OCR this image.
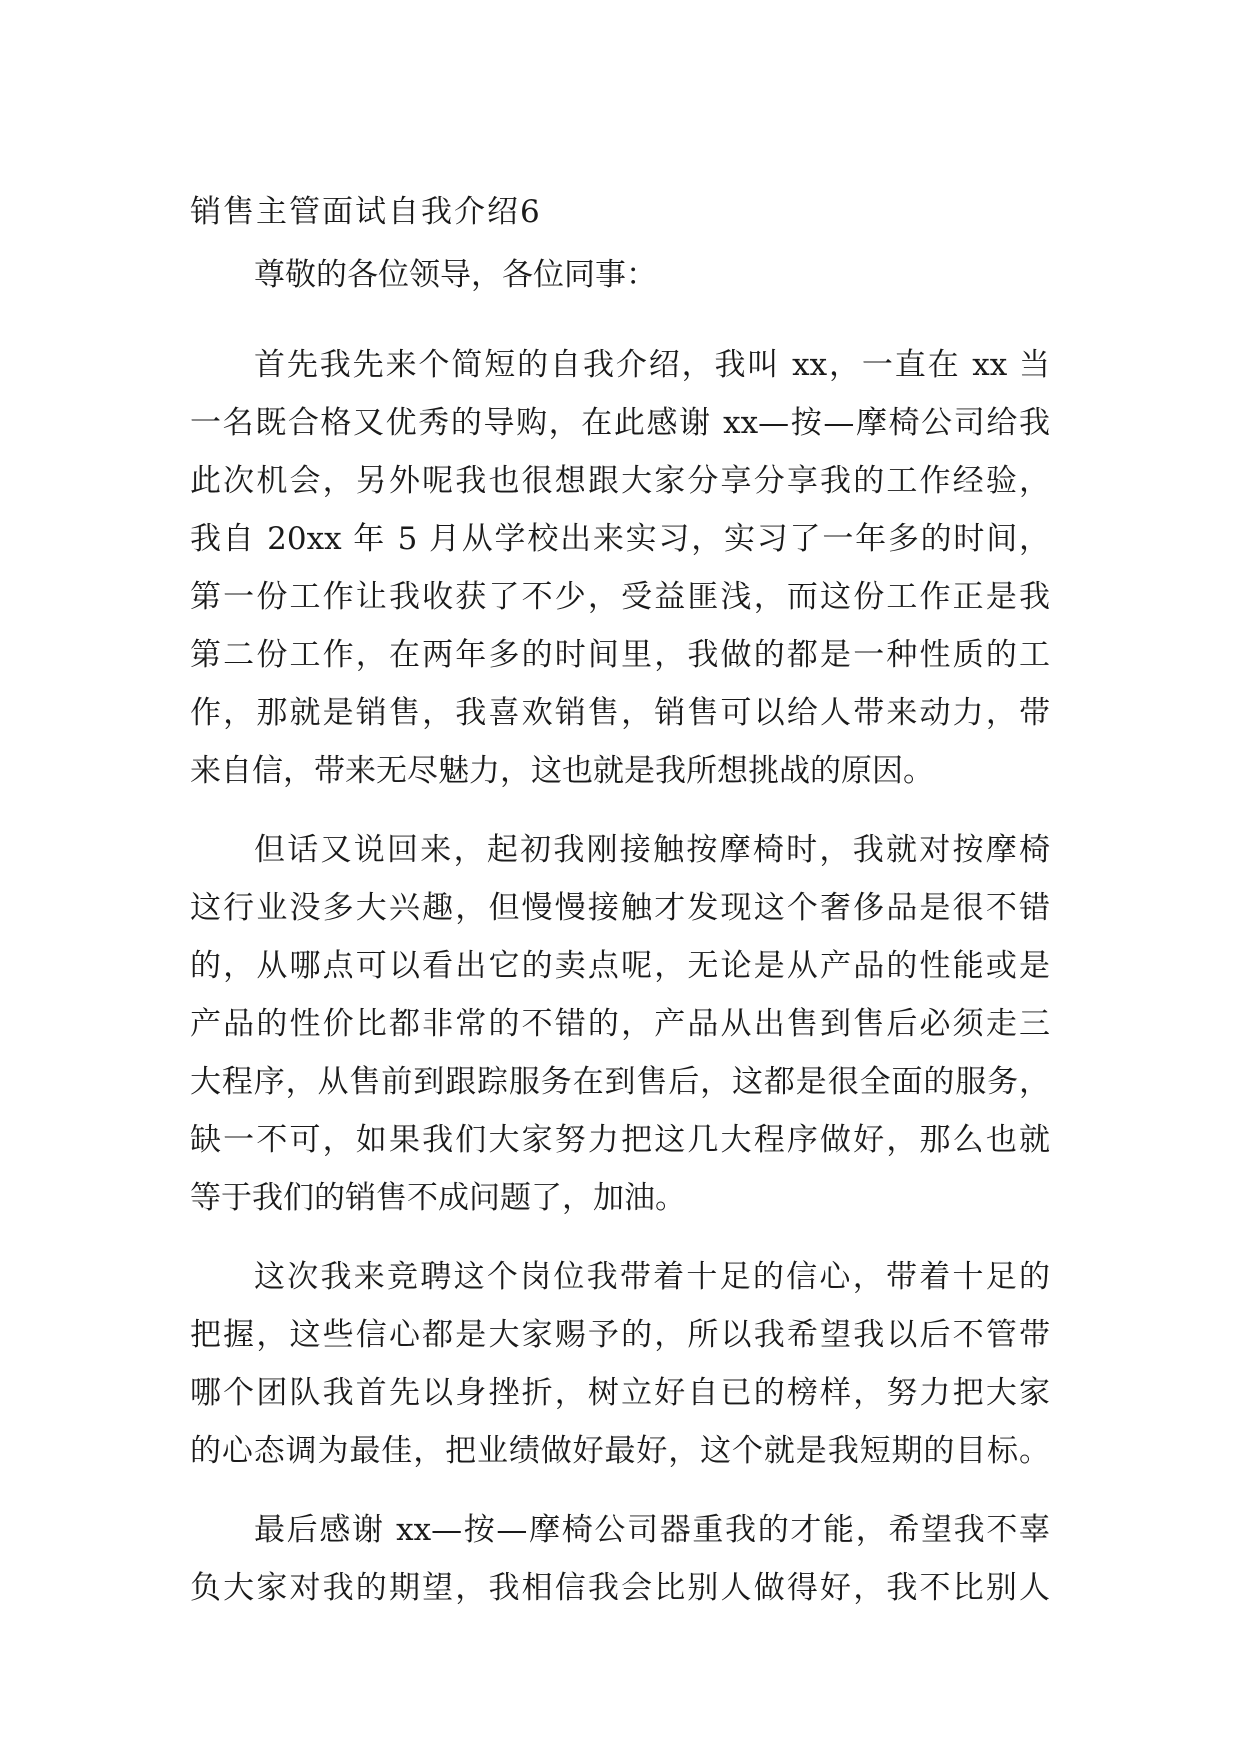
销售主管面试自我介绍6
尊敬的各位领导，各位同事：
首先我先来个简短的自我介绍，我叫 xx，一直在 xx 当
一名既合格又优秀的导购，在此感谢 xx—按—摩椅公司给我
此次机会，另外呢我也很想跟大家分享分享我的工作经验，
我自 20xx 年 5 月从学校出来实习，实习了一年多的时间，
第一份工作让我收获了不少，受益匪浅，而这份工作正是我
第二份工作，在两年多的时间里，我做的都是一种性质的工
作，那就是销售，我喜欢销售，销售可以给人带来动力，带
来自信，带来无尽魅力，这也就是我所想挑战的原因。
但话又说回来，起初我刚接触按摩椅时，我就对按摩椅
这行业没多大兴趣，但慢慢接触才发现这个奢侈品是很不错
的，从哪点可以看出它的卖点呢，无论是从产品的性能或是
产品的性价比都非常的不错的，产品从出售到售后必须走三
大程序，从售前到跟踪服务在到售后，这都是很全面的服务，
缺一不可，如果我们大家努力把这几大程序做好，那么也就
等于我们的销售不成问题了，加油。
这次我来竞聘这个岗位我带着十足的信心，带着十足的
把握，这些信心都是大家赐予的，所以我希望我以后不管带
哪个团队我首先以身挫折，树立好自已的榜样，努力把大家
的心态调为最佳，把业绩做好最好，这个就是我短期的目标。
最后感谢 xx—按—摩椅公司器重我的才能，希望我不辜
负大家对我的期望，我相信我会比别人做得好，我不比别人
